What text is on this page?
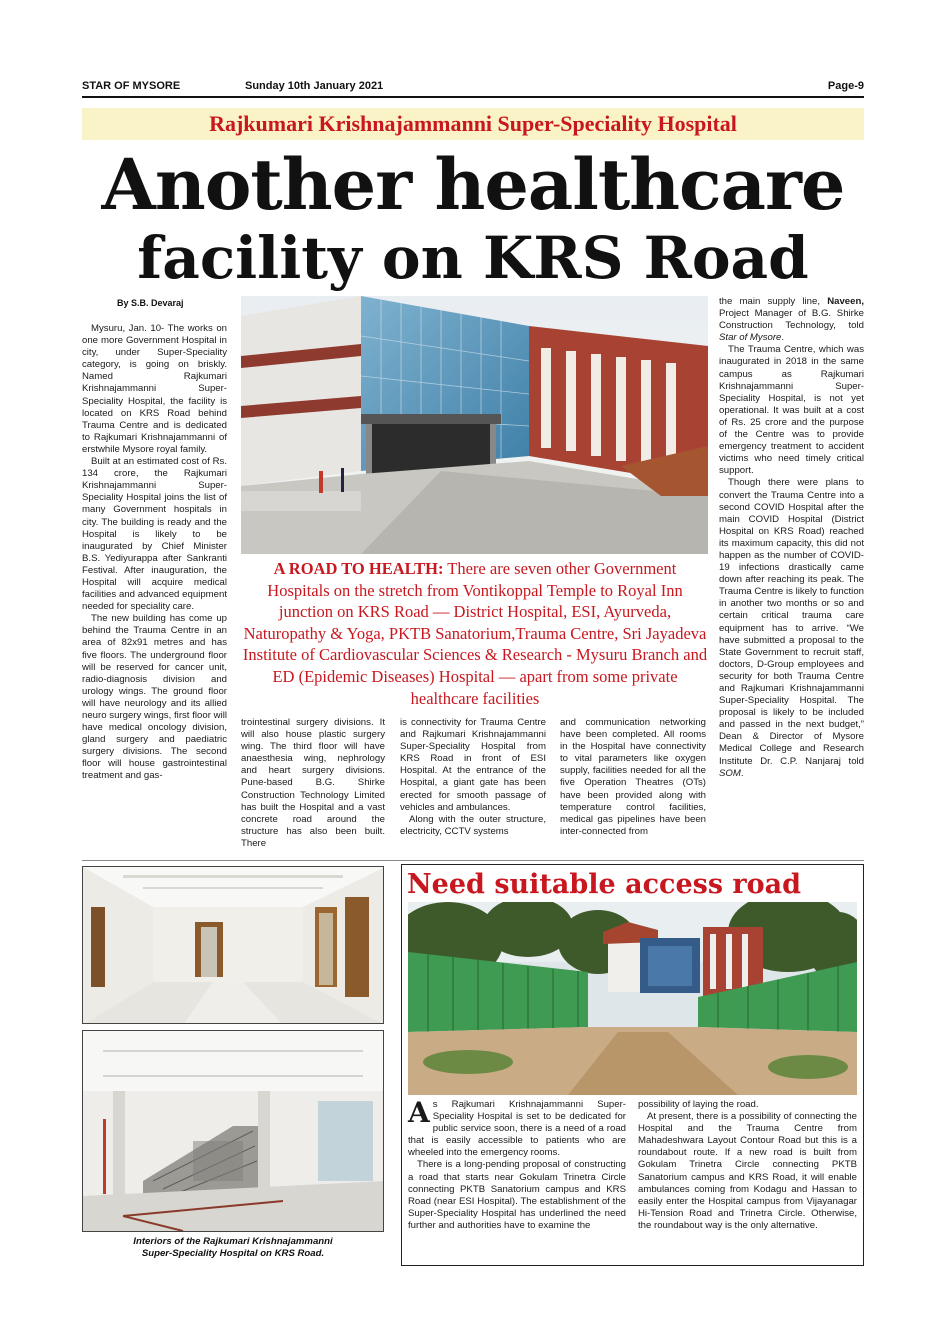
STAR OF MYSORE	Sunday 10th January 2021	Page-9
Rajkumari Krishnajammanni Super-Speciality Hospital
Another healthcare
facility on KRS Road
By S.B. Devaraj

Mysuru, Jan. 10- The works on one more Government Hospital in city, under Super-Speciality category, is going on briskly. Named Rajkumari Krishnajammanni Super-Speciality Hospital, the facility is located on KRS Road behind Trauma Centre and is dedicated to Rajkumari Krishnajammanni of erstwhile Mysore royal family.

Built at an estimated cost of Rs. 134 crore, the Rajkumari Krishnajammanni Super-Speciality Hospital joins the list of many Government hospitals in city. The building is ready and the Hospital is likely to be inaugurated by Chief Minister B.S. Yediyurappa after Sankranti Festival. After inauguration, the Hospital will acquire medical facilities and advanced equipment needed for speciality care.

The new building has come up behind the Trauma Centre in an area of 82x91 metres and has five floors. The underground floor will be reserved for cancer unit, radio-diagnosis division and urology wings. The ground floor will have neurology and its allied neuro surgery wings, first floor will have medical oncology division, gland surgery and paediatric surgery divisions. The second floor will house gastrointestinal treatment and gas-

A ROAD TO HEALTH: There are seven other Government Hospitals on the stretch from Vontikoppal Temple to Royal Inn junction on KRS Road — District Hospital, ESI, Ayurveda, Naturopathy & Yoga, PKTB Sanatorium,Trauma Centre, Sri Jayadeva Institute of Cardiovascular Sciences & Research - Mysuru Branch and ED (Epidemic Diseases) Hospital — apart from some private healthcare facilities

trointestinal surgery divisions. It will also house plastic surgery wing. The third floor will have anaesthesia wing, nephrology and heart surgery divisions. Pune-based B.G. Shirke Construction Technology Limited has built the Hospital and a vast concrete road around the structure has also been built. There

is connectivity for Trauma Centre and Rajkumari Krishnajammanni Super-Speciality Hospital from KRS Road in front of ESI Hospital. At the entrance of the Hospital, a giant gate has been erected for smooth passage of vehicles and ambulances.

Along with the outer structure, electricity, CCTV systems

and communication networking have been completed. All rooms in the Hospital have connectivity to vital parameters like oxygen supply, facilities needed for all the five Operation Theatres (OTs) have been provided along with temperature control facilities, medical gas pipelines have been inter-connected from

the main supply line, Naveen, Project Manager of B.G. Shirke Construction Technology, told Star of Mysore.

The Trauma Centre, which was inaugurated in 2018 in the same campus as Rajkumari Krishnajammanni Super-Speciality Hospital, is not yet operational. It was built at a cost of Rs. 25 crore and the purpose of the Centre was to provide emergency treatment to accident victims who need timely critical support.

Though there were plans to convert the Trauma Centre into a second COVID Hospital after the main COVID Hospital (District Hospital on KRS Road) reached its maximum capacity, this did not happen as the number of COVID-19 infections drastically came down after reaching its peak. The Trauma Centre is likely to function in another two months or so and certain critical trauma care equipment has to arrive. “We have submitted a proposal to the State Government to recruit staff, doctors, D-Group employees and security for both Trauma Centre and Rajkumari Krishnajammanni Super-Speciality Hospital. The proposal is likely to be included and passed in the next budget,” Dean & Director of Mysore Medical College and Research Institute Dr. C.P. Nanjaraj told SOM.

Interiors of the Rajkumari Krishnajammanni
Super-Speciality Hospital on KRS Road.
Need suitable access road

As Rajkumari Krishnajammanni Super-Speciality Hospital is set to be dedicated for public service soon, there is a need of a road that is easily accessible to patients who are wheeled into the emergency rooms.

There is a long-pending proposal of constructing a road that starts near Gokulam Trinetra Circle connecting PKTB Sanatorium campus and KRS Road (near ESI Hospital). The establishment of the Super-Speciality Hospital has underlined the need further and authorities have to examine the

possibility of laying the road.

At present, there is a possibility of connecting the Hospital and the Trauma Centre from Mahadeshwara Layout Contour Road but this is a roundabout route. If a new road is built from Gokulam Trinetra Circle connecting PKTB Sanatorium campus and KRS Road, it will enable ambulances coming from Kodagu and Hassan to easily enter the Hospital campus from Vijayanagar Hi-Tension Road and Trinetra Circle. Otherwise, the roundabout way is the only alternative.
